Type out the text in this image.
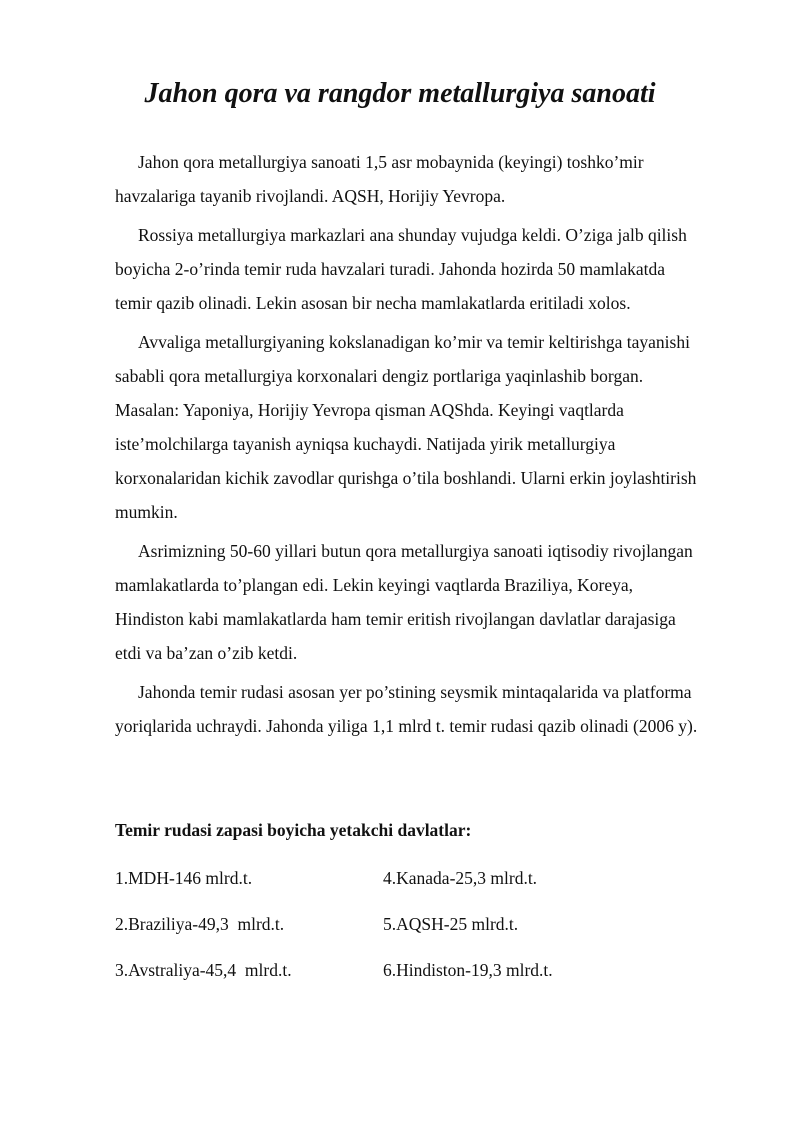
Jahon qora va rangdor metallurgiya sanoati

Jahon qora metallurgiya sanoati 1,5 asr mobaynida (keyingi) toshko’mir
havzalariga tayanib rivojlandi. AQSH, Horijiy Yevropa.

Rossiya metallurgiya markazlari ana shunday vujudga keldi. O’ziga jalb qilish
boyicha 2-o’rinda temir ruda havzalari turadi. Jahonda hozirda 50 mamlakatda
temir qazib olinadi. Lekin asosan bir necha mamlakatlarda eritiladi xolos.

Avvaliga metallurgiyaning kokslanadigan ko’mir va temir keltirishga tayanishi
sababli qora metallurgiya korxonalari dengiz portlariga yaqinlashib borgan.
Masalan: Yaponiya, Horijiy Yevropa qisman AQShda. Keyingi vaqtlarda
iste’molchilarga tayanish ayniqsa kuchaydi. Natijada yirik metallurgiya
korxonalaridan kichik zavodlar qurishga o’tila boshlandi. Ularni erkin joylashtirish
mumkin.

Asrimizning 50-60 yillari butun qora metallurgiya sanoati iqtisodiy rivojlangan
mamlakatlarda to’plangan edi. Lekin keyingi vaqtlarda Braziliya, Koreya,
Hindiston kabi mamlakatlarda ham temir eritish rivojlangan davlatlar darajasiga
etdi va ba’zan o’zib ketdi.

Jahonda temir rudasi asosan yer po’stining seysmik mintaqalarida va platforma
yoriqlarida uchraydi. Jahonda yiliga 1,1 mlrd t. temir rudasi qazib olinadi (2006 y).

Temir rudasi zapasi boyicha yetakchi davlatlar:

1.MDH-146 mlrd.t.	4.Kanada-25,3 mlrd.t.
2.Braziliya-49,3  mlrd.t.	5.AQSH-25 mlrd.t.
3.Avstraliya-45,4  mlrd.t.	6.Hindiston-19,3 mlrd.t.
